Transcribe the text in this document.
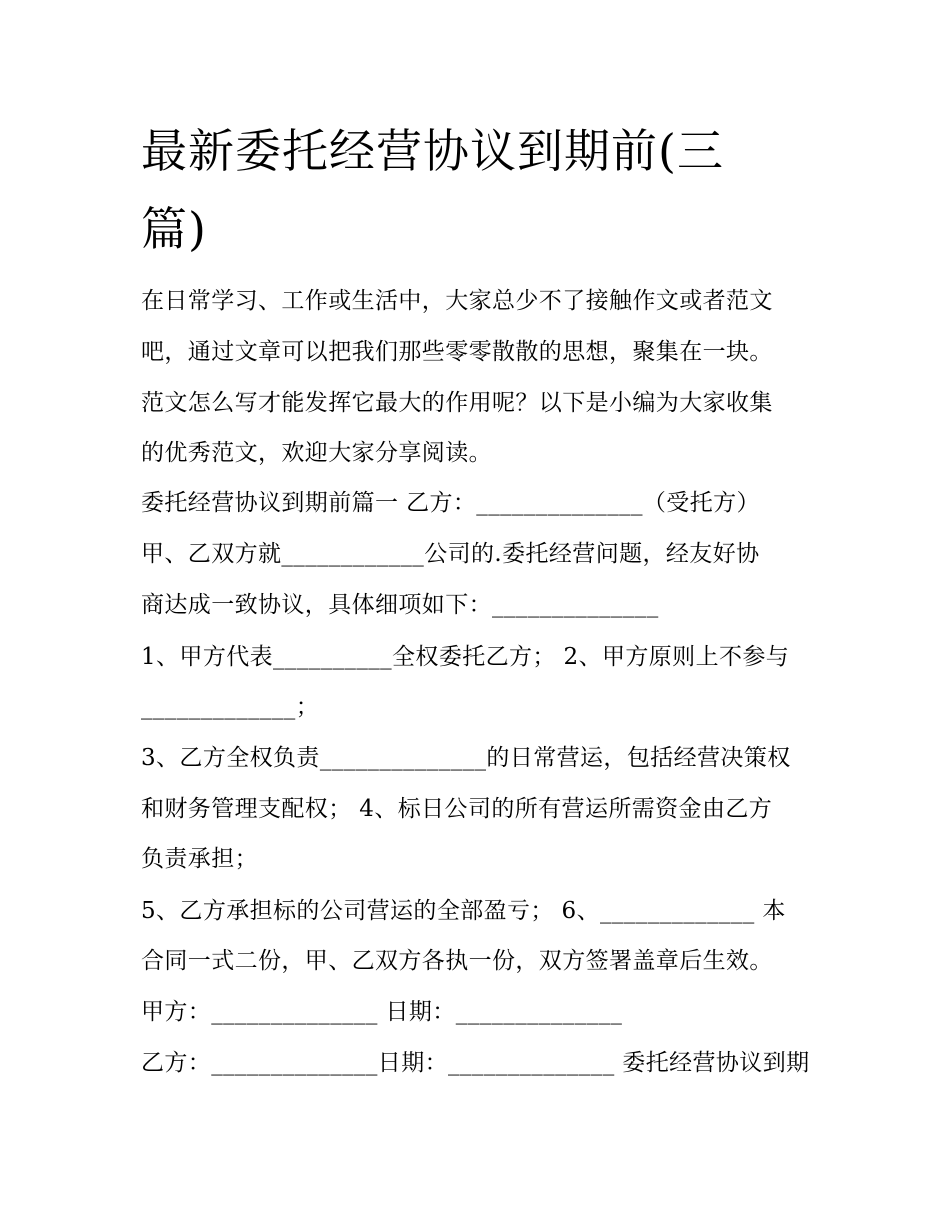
最新委托经营协议到期前(三
篇)

在日常学习、工作或生活中，大家总少不了接触作文或者范文

吧，通过文章可以把我们那些零零散散的思想，聚集在一块。

范文怎么写才能发挥它最大的作用呢？以下是小编为大家收集

的优秀范文，欢迎大家分享阅读。

委托经营协议到期前篇一 乙方：______________（受托方）

甲、乙双方就____________公司的.委托经营问题，经友好协

商达成一致协议，具体细项如下：______________

1、甲方代表__________全权委托乙方； 2、甲方原则上不参与

_____________；

3、乙方全权负责______________的日常营运，包括经营决策权

和财务管理支配权； 4、标日公司的所有营运所需资金由乙方

负责承担；

5、乙方承担标的公司营运的全部盈亏； 6、_____________ 本

合同一式二份，甲、乙双方各执一份，双方签署盖章后生效。

甲方：______________ 日期：______________

乙方：______________日期：______________ 委托经营协议到期
